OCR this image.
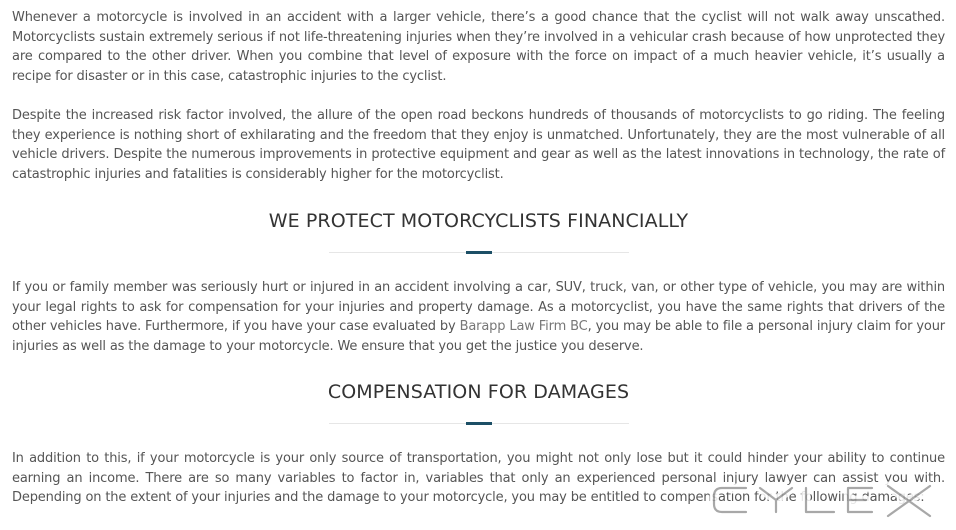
Whenever a motorcycle is involved in an accident with a larger vehicle, there’s a good chance that the cyclist will not walk away unscathed. Motorcyclists sustain extremely serious if not life-threatening injuries when they’re involved in a vehicular crash because of how unprotected they are compared to the other driver. When you combine that level of exposure with the force on impact of a much heavier vehicle, it’s usually a recipe for disaster or in this case, catastrophic injuries to the cyclist.

Despite the increased risk factor involved, the allure of the open road beckons hundreds of thousands of motorcyclists to go riding. The feeling they experience is nothing short of exhilarating and the freedom that they enjoy is unmatched. Unfortunately, they are the most vulnerable of all vehicle drivers. Despite the numerous improvements in protective equipment and gear as well as the latest innovations in technology, the rate of catastrophic injuries and fatalities is considerably higher for the motorcyclist.

WE PROTECT MOTORCYCLISTS FINANCIALLY

If you or family member was seriously hurt or injured in an accident involving a car, SUV, truck, van, or other type of vehicle, you may are within your legal rights to ask for compensation for your injuries and property damage. As a motorcyclist, you have the same rights that drivers of the other vehicles have. Furthermore, if you have your case evaluated by Barapp Law Firm BC, you may be able to file a personal injury claim for your injuries as well as the damage to your motorcycle. We ensure that you get the justice you deserve.

COMPENSATION FOR DAMAGES

In addition to this, if your motorcycle is your only source of transportation, you might not only lose but it could hinder your ability to continue earning an income. There are so many variables to factor in, variables that only an experienced personal injury lawyer can assist you with. Depending on the extent of your injuries and the damage to your motorcycle, you may be entitled to compensation for the following damages:
